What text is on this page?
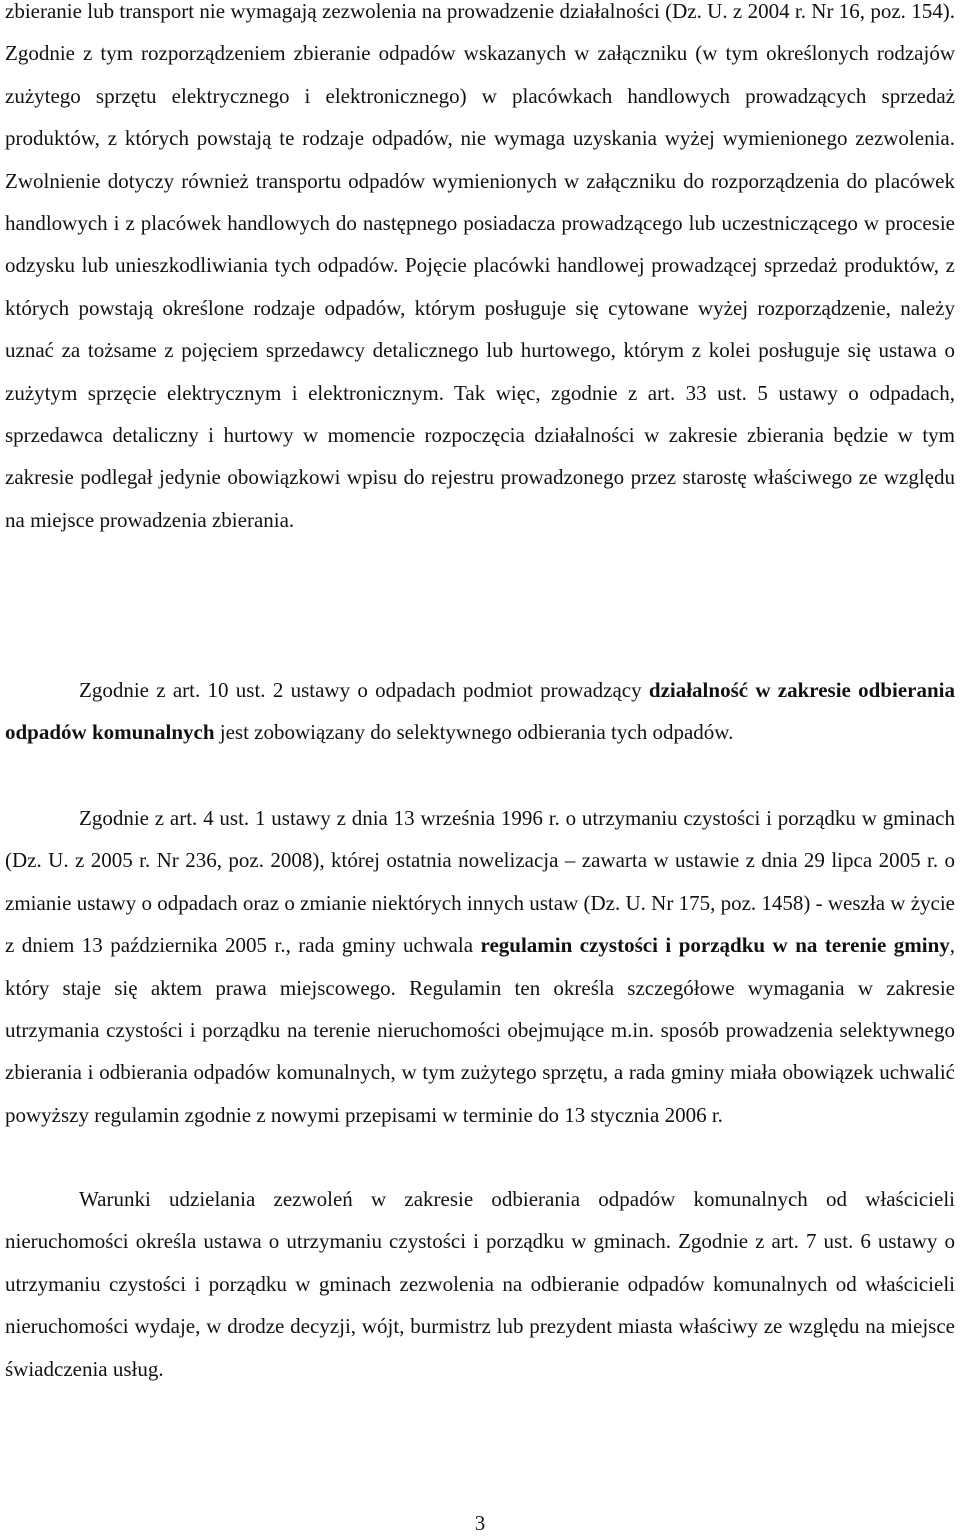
zbieranie lub transport nie wymagają zezwolenia na prowadzenie działalności (Dz. U. z 2004 r. Nr 16, poz. 154). Zgodnie z tym rozporządzeniem zbieranie odpadów wskazanych w załączniku (w tym określonych rodzajów zużytego sprzętu elektrycznego i elektronicznego) w placówkach handlowych prowadzących sprzedaż produktów, z których powstają te rodzaje odpadów, nie wymaga uzyskania wyżej wymienionego zezwolenia. Zwolnienie dotyczy również transportu odpadów wymienionych w załączniku do rozporządzenia do placówek handlowych i z placówek handlowych do następnego posiadacza prowadzącego lub uczestniczącego w procesie odzysku lub unieszkodliwiania tych odpadów. Pojęcie placówki handlowej prowadzącej sprzedaż produktów, z których powstają określone rodzaje odpadów, którym posługuje się cytowane wyżej rozporządzenie, należy uznać za tożsame z pojęciem sprzedawcy detalicznego lub hurtowego, którym z kolei posługuje się ustawa o zużytym sprzęcie elektrycznym i elektronicznym. Tak więc, zgodnie z art. 33 ust. 5 ustawy o odpadach, sprzedawca detaliczny i hurtowy w momencie rozpoczęcia działalności w zakresie zbierania będzie w tym zakresie podlegał jedynie obowiązkowi wpisu do rejestru prowadzonego przez starostę właściwego ze względu na miejsce prowadzenia zbierania.

Zgodnie z art. 10 ust. 2 ustawy o odpadach podmiot prowadzący działalność w zakresie odbierania odpadów komunalnych jest zobowiązany do selektywnego odbierania tych odpadów.

Zgodnie z art. 4 ust. 1 ustawy z dnia 13 września 1996 r. o utrzymaniu czystości i porządku w gminach (Dz. U. z 2005 r. Nr 236, poz. 2008), której ostatnia nowelizacja – zawarta w ustawie z dnia 29 lipca 2005 r. o zmianie ustawy o odpadach oraz o zmianie niektórych innych ustaw (Dz. U. Nr 175, poz. 1458) - weszła w życie z dniem 13 października 2005 r., rada gminy uchwala regulamin czystości i porządku w na terenie gminy, który staje się aktem prawa miejscowego. Regulamin ten określa szczegółowe wymagania w zakresie utrzymania czystości i porządku na terenie nieruchomości obejmujące m.in. sposób prowadzenia selektywnego zbierania i odbierania odpadów komunalnych, w tym zużytego sprzętu, a rada gminy miała obowiązek uchwalić powyższy regulamin zgodnie z nowymi przepisami w terminie do 13 stycznia 2006 r.

Warunki udzielania zezwoleń w zakresie odbierania odpadów komunalnych od właścicieli nieruchomości określa ustawa o utrzymaniu czystości i porządku w gminach. Zgodnie z art. 7 ust. 6 ustawy o utrzymaniu czystości i porządku w gminach zezwolenia na odbieranie odpadów komunalnych od właścicieli nieruchomości wydaje, w drodze decyzji, wójt, burmistrz lub prezydent miasta właściwy ze względu na miejsce świadczenia usług.

3
